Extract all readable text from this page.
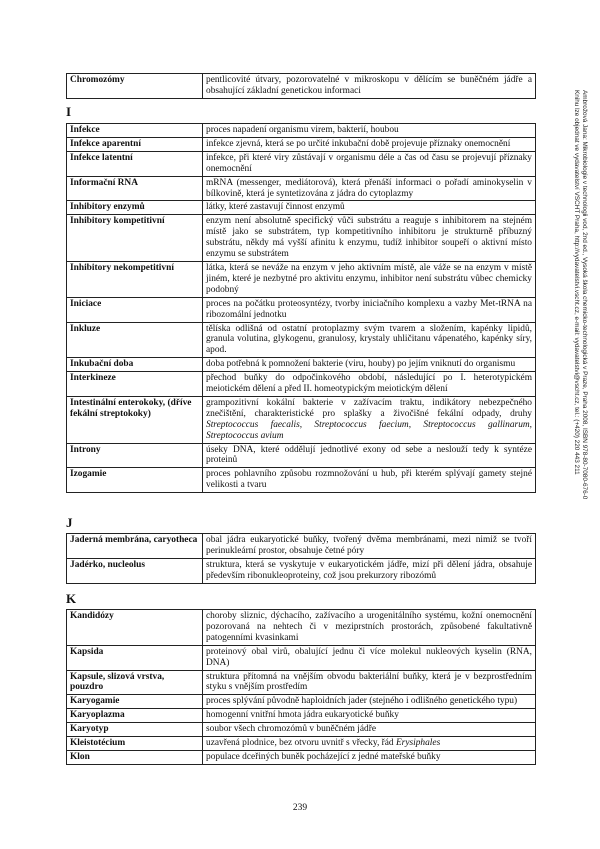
Ambrožová Jana: Mikrobiologie v technologii vod, 2nd ed., Vysoká škola chemicko-technologická v Praze, Praha 2008, ISBN 978-80-7080-676-0
Knihu lze objednat ve vydavatelství VŠCHT Praha, http://vydavatelstvi.vscht.cz, e-mail: vydavatelstvi@vscht.cz, tel.: (+420) 220 443 211
Chromozómy	pentlicovité útvary, pozorovatelné v mikroskopu v dělícím se buněčném jádře a obsahující základní genetickou informaci
I
Infekce	proces napadení organismu virem, bakterií, houbou
Infekce aparentní	infekce zjevná, která se po určité inkubační době projevuje příznaky onemocnění
Infekce latentní	infekce, při které viry zůstávají v organismu déle a čas od času se projevují příznaky onemocnění
Informační RNA	mRNA (messenger, mediátorová), která přenáší informaci o pořadí aminokyselin v bílkovině, která je syntetizována z jádra do cytoplazmy
Inhibitory enzymů	látky, které zastavují činnost enzymů
Inhibitory kompetitivní	enzym není absolutně specifický vůči substrátu a reaguje s inhibitorem na stejném místě jako se substrátem, typ kompetitivního inhibitoru je strukturně příbuzný substrátu, někdy má vyšší afinitu k enzymu, tudíž inhibitor soupeří o aktivní místo enzymu se substrátem
Inhibitory nekompetitivní	látka, která se neváže na enzym v jeho aktivním místě, ale váže se na enzym v místě jiném, které je nezbytné pro aktivitu enzymu, inhibitor není substrátu vůbec chemicky podobný
Iniciace	proces na počátku proteosyntézy, tvorby iniciačního komplexu a vazby Met-tRNA na ribozomální jednotku
Inkluze	tělíska odlišná od ostatní protoplazmy svým tvarem a složením, kapénky lipidů, granula volutina, glykogenu, granulosy, krystaly uhličitanu vápenatého, kapénky síry, apod.
Inkubační doba	doba potřebná k pomnožení bakterie (viru, houby) po jejím vniknutí do organismu
Interkineze	přechod buňky do odpočinkového období, následující po I. heterotypickém meiotickém dělení a před II. homeotypickým meiotickým dělení
Intestinální enterokoky, (dříve fekální streptokoky)	grampozitivní kokální bakterie v zažívacím traktu, indikátory nebezpečného znečištění, charakteristické pro splašky a živočišné fekální odpady, druhy Streptococcus faecalis, Streptococcus faecium, Streptococcus gallinarum, Streptococcus avium
Introny	úseky DNA, které oddělují jednotlivé exony od sebe a neslouží tedy k syntéze proteinů
Izogamie	proces pohlavního způsobu rozmnožování u hub, při kterém splývají gamety stejné velikosti a tvaru
J
Jaderná membrána, caryotheca	obal jádra eukaryotické buňky, tvořený dvěma membránami, mezi nimiž se tvoří perinukleární prostor, obsahuje četné póry
Jadérko, nucleolus	struktura, která se vyskytuje v eukaryotickém jádře, mizí při dělení jádra, obsahuje především ribonukleoproteiny, což jsou prekurzory ribozómů
K
Kandidózy	choroby sliznic, dýchacího, zažívacího a urogenitálního systému, kožní onemocnění pozorovaná na nehtech či v meziprstních prostorách, způsobené fakultativně patogenními kvasinkami
Kapsida	proteinový obal virů, obalující jednu či více molekul nukleových kyselin (RNA, DNA)
Kapsule, slizová vrstva, pouzdro	struktura přítomná na vnějším obvodu bakteriální buňky, která je v bezprostředním styku s vnějším prostředím
Karyogamie	proces splývání původně haploidních jader (stejného i odlišného genetického typu)
Karyoplazma	homogenní vnitřní hmota jádra eukaryotické buňky
Karyotyp	soubor všech chromozómů v buněčném jádře
Kleistotécium	uzavřená plodnice, bez otvoru uvnitř s vřecky, řád Erysiphales
Klon	populace dceřiných buněk pocházející z jedné mateřské buňky
239
